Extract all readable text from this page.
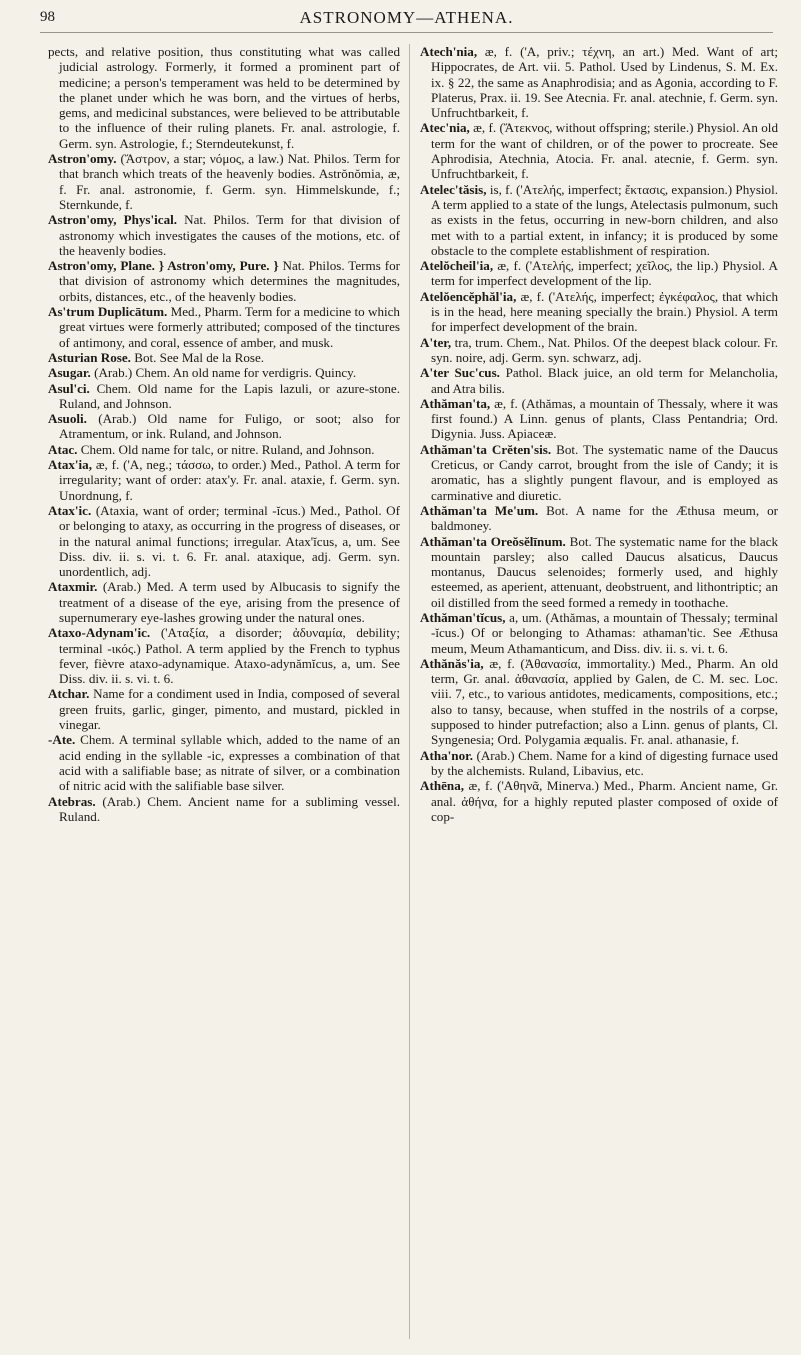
98	ASTRONOMY—ATHENA.
pects, and relative position, thus constituting what was called judicial astrology. Formerly, it formed a prominent part of medicine; a person's temperament was held to be determined by the planet under which he was born, and the virtues of herbs, gems, and medicinal substances, were believed to be attributable to the influence of their ruling planets. Fr. anal. astrologie, f. Germ. syn. Astrologie, f.; Sterndeutekunst, f.
Astron'omy. (Ἄστρον, a star; νόμος, a law.) Nat. Philos. Term for that branch which treats of the heavenly bodies. Astrŏnŏmia, æ, f. Fr. anal. astronomie, f. Germ. syn. Himmelskunde, f.; Sternkunde, f.
Astron'omy, Phys'ical. Nat. Philos. Term for that division of astronomy which investigates the causes of the motions, etc. of the heavenly bodies.
Astron'omy, Plane. } Astron'omy, Pure. } Nat. Philos. Terms for that division of astronomy which determines the magnitudes, orbits, distances, etc., of the heavenly bodies.
As'trum Duplicātum. Med., Pharm. Term for a medicine to which great virtues were formerly attributed; composed of the tinctures of antimony, and coral, essence of amber, and musk.
Asturian Rose. Bot. See Mal de la Rose.
Asugar. (Arab.) Chem. An old name for verdigris. Quincy.
Asul'ci. Chem. Old name for the Lapis lazuli, or azure-stone. Ruland, and Johnson.
Asuoli. (Arab.) Old name for Fuligo, or soot; also for Atramentum, or ink. Ruland, and Johnson.
Atac. Chem. Old name for talc, or nitre. Ruland, and Johnson.
Atax'ia, æ, f. ('A, neg.; τάσσω, to order.) Med., Pathol. A term for irregularity; want of order: atax'y. Fr. anal. ataxie, f. Germ. syn. Unordnung, f.
Atax'ic. (Ataxia, want of order; terminal -ĭcus.) Med., Pathol. Of or belonging to ataxy, as occurring in the progress of diseases, or in the natural animal functions; irregular. Atax'ĭcus, a, um. See Diss. div. ii. s. vi. t. 6. Fr. anal. ataxique, adj. Germ. syn. unordentlich, adj.
Ataxmir. (Arab.) Med. A term used by Albucasis to signify the treatment of a disease of the eye, arising from the presence of supernumerary eye-lashes growing under the natural ones.
Ataxo-Adynam'ic. ('Αταξία, a disorder; ἀδυναμία, debility; terminal -ικός.) Pathol. A term applied by the French to typhus fever, fièvre ataxo-adynamique. Ataxo-adynămĭcus, a, um. See Diss. div. ii. s. vi. t. 6.
Atchar. Name for a condiment used in India, composed of several green fruits, garlic, ginger, pimento, and mustard, pickled in vinegar.
-Ate. Chem. A terminal syllable which, added to the name of an acid ending in the syllable -ic, expresses a combination of that acid with a salifiable base; as nitrate of silver, or a combination of nitric acid with the salifiable base silver.
Atebras. (Arab.) Chem. Ancient name for a subliming vessel. Ruland.
Atech'nia, æ, f. ('A, priv.; τέχνη, an art.) Med. Want of art; Hippocrates, de Art. vii. 5. Pathol. Used by Lindenus, S. M. Ex. ix. § 22, the same as Anaphrodisia; and as Agonia, according to F. Platerus, Prax. ii. 19. See Atecnia. Fr. anal. atechnie, f. Germ. syn. Unfruchtbarkeit, f.
Atec'nia, æ, f. (Ἄτεκνος, without offspring; sterile.) Physiol. An old term for the want of children, or of the power to procreate. See Aphrodisia, Atechnia, Atocia. Fr. anal. atecnie, f. Germ. syn. Unfruchtbarkeit, f.
Atelec'tăsis, is, f. ('Ατελής, imperfect; ἔκτασις, expansion.) Physiol. A term applied to a state of the lungs, Atelectasis pulmonum, such as exists in the fetus, occurring in new-born children, and also met with to a partial extent, in infancy; it is produced by some obstacle to the complete establishment of respiration.
Atelŏcheil'ia, æ, f. ('Ατελής, imperfect; χεῖλος, the lip.) Physiol. A term for imperfect development of the lip.
Atelŏencĕphăl'ia, æ, f. ('Ατελής, imperfect; ἐγκέφαλος, that which is in the head, here meaning specially the brain.) Physiol. A term for imperfect development of the brain.
A'ter, tra, trum. Chem., Nat. Philos. Of the deepest black colour. Fr. syn. noire, adj. Germ. syn. schwarz, adj.
A'ter Suc'cus. Pathol. Black juice, an old term for Melancholia, and Atra bilis.
Athăman'ta, æ, f. (Athămas, a mountain of Thessaly, where it was first found.) A Linn. genus of plants, Class Pentandria; Ord. Digynia. Juss. Apiaceæ.
Athăman'ta Crĕten'sis. Bot. The systematic name of the Daucus Creticus, or Candy carrot, brought from the isle of Candy; it is aromatic, has a slightly pungent flavour, and is employed as carminative and diuretic.
Athăman'ta Me'um. Bot. A name for the Æthusa meum, or baldmoney.
Athăman'ta Oreŏsĕlīnum. Bot. The systematic name for the black mountain parsley; also called Daucus alsaticus, Daucus montanus, Daucus selenoides; formerly used, and highly esteemed, as aperient, attenuant, deobstruent, and lithontriptic; an oil distilled from the seed formed a remedy in toothache.
Athăman'tĭcus, a, um. (Athămas, a mountain of Thessaly; terminal -ĭcus.) Of or belonging to Athamas: athaman'tic. See Æthusa meum, Meum Athamanticum, and Diss. div. ii. s. vi. t. 6.
Athănăs'ia, æ, f. (Ἀθανασία, immortality.) Med., Pharm. An old term, Gr. anal. ἀθανασία, applied by Galen, de C. M. sec. Loc. viii. 7, etc., to various antidotes, medicaments, compositions, etc.; also to tansy, because, when stuffed in the nostrils of a corpse, supposed to hinder putrefaction; also a Linn. genus of plants, Cl. Syngenesia; Ord. Polygamia æqualis. Fr. anal. athanasie, f.
Atha'nor. (Arab.) Chem. Name for a kind of digesting furnace used by the alchemists. Ruland, Libavius, etc.
Athēna, æ, f. ('Αθηνᾶ, Minerva.) Med., Pharm. Ancient name, Gr. anal. ἀθήνα, for a highly reputed plaster composed of oxide of cop-
